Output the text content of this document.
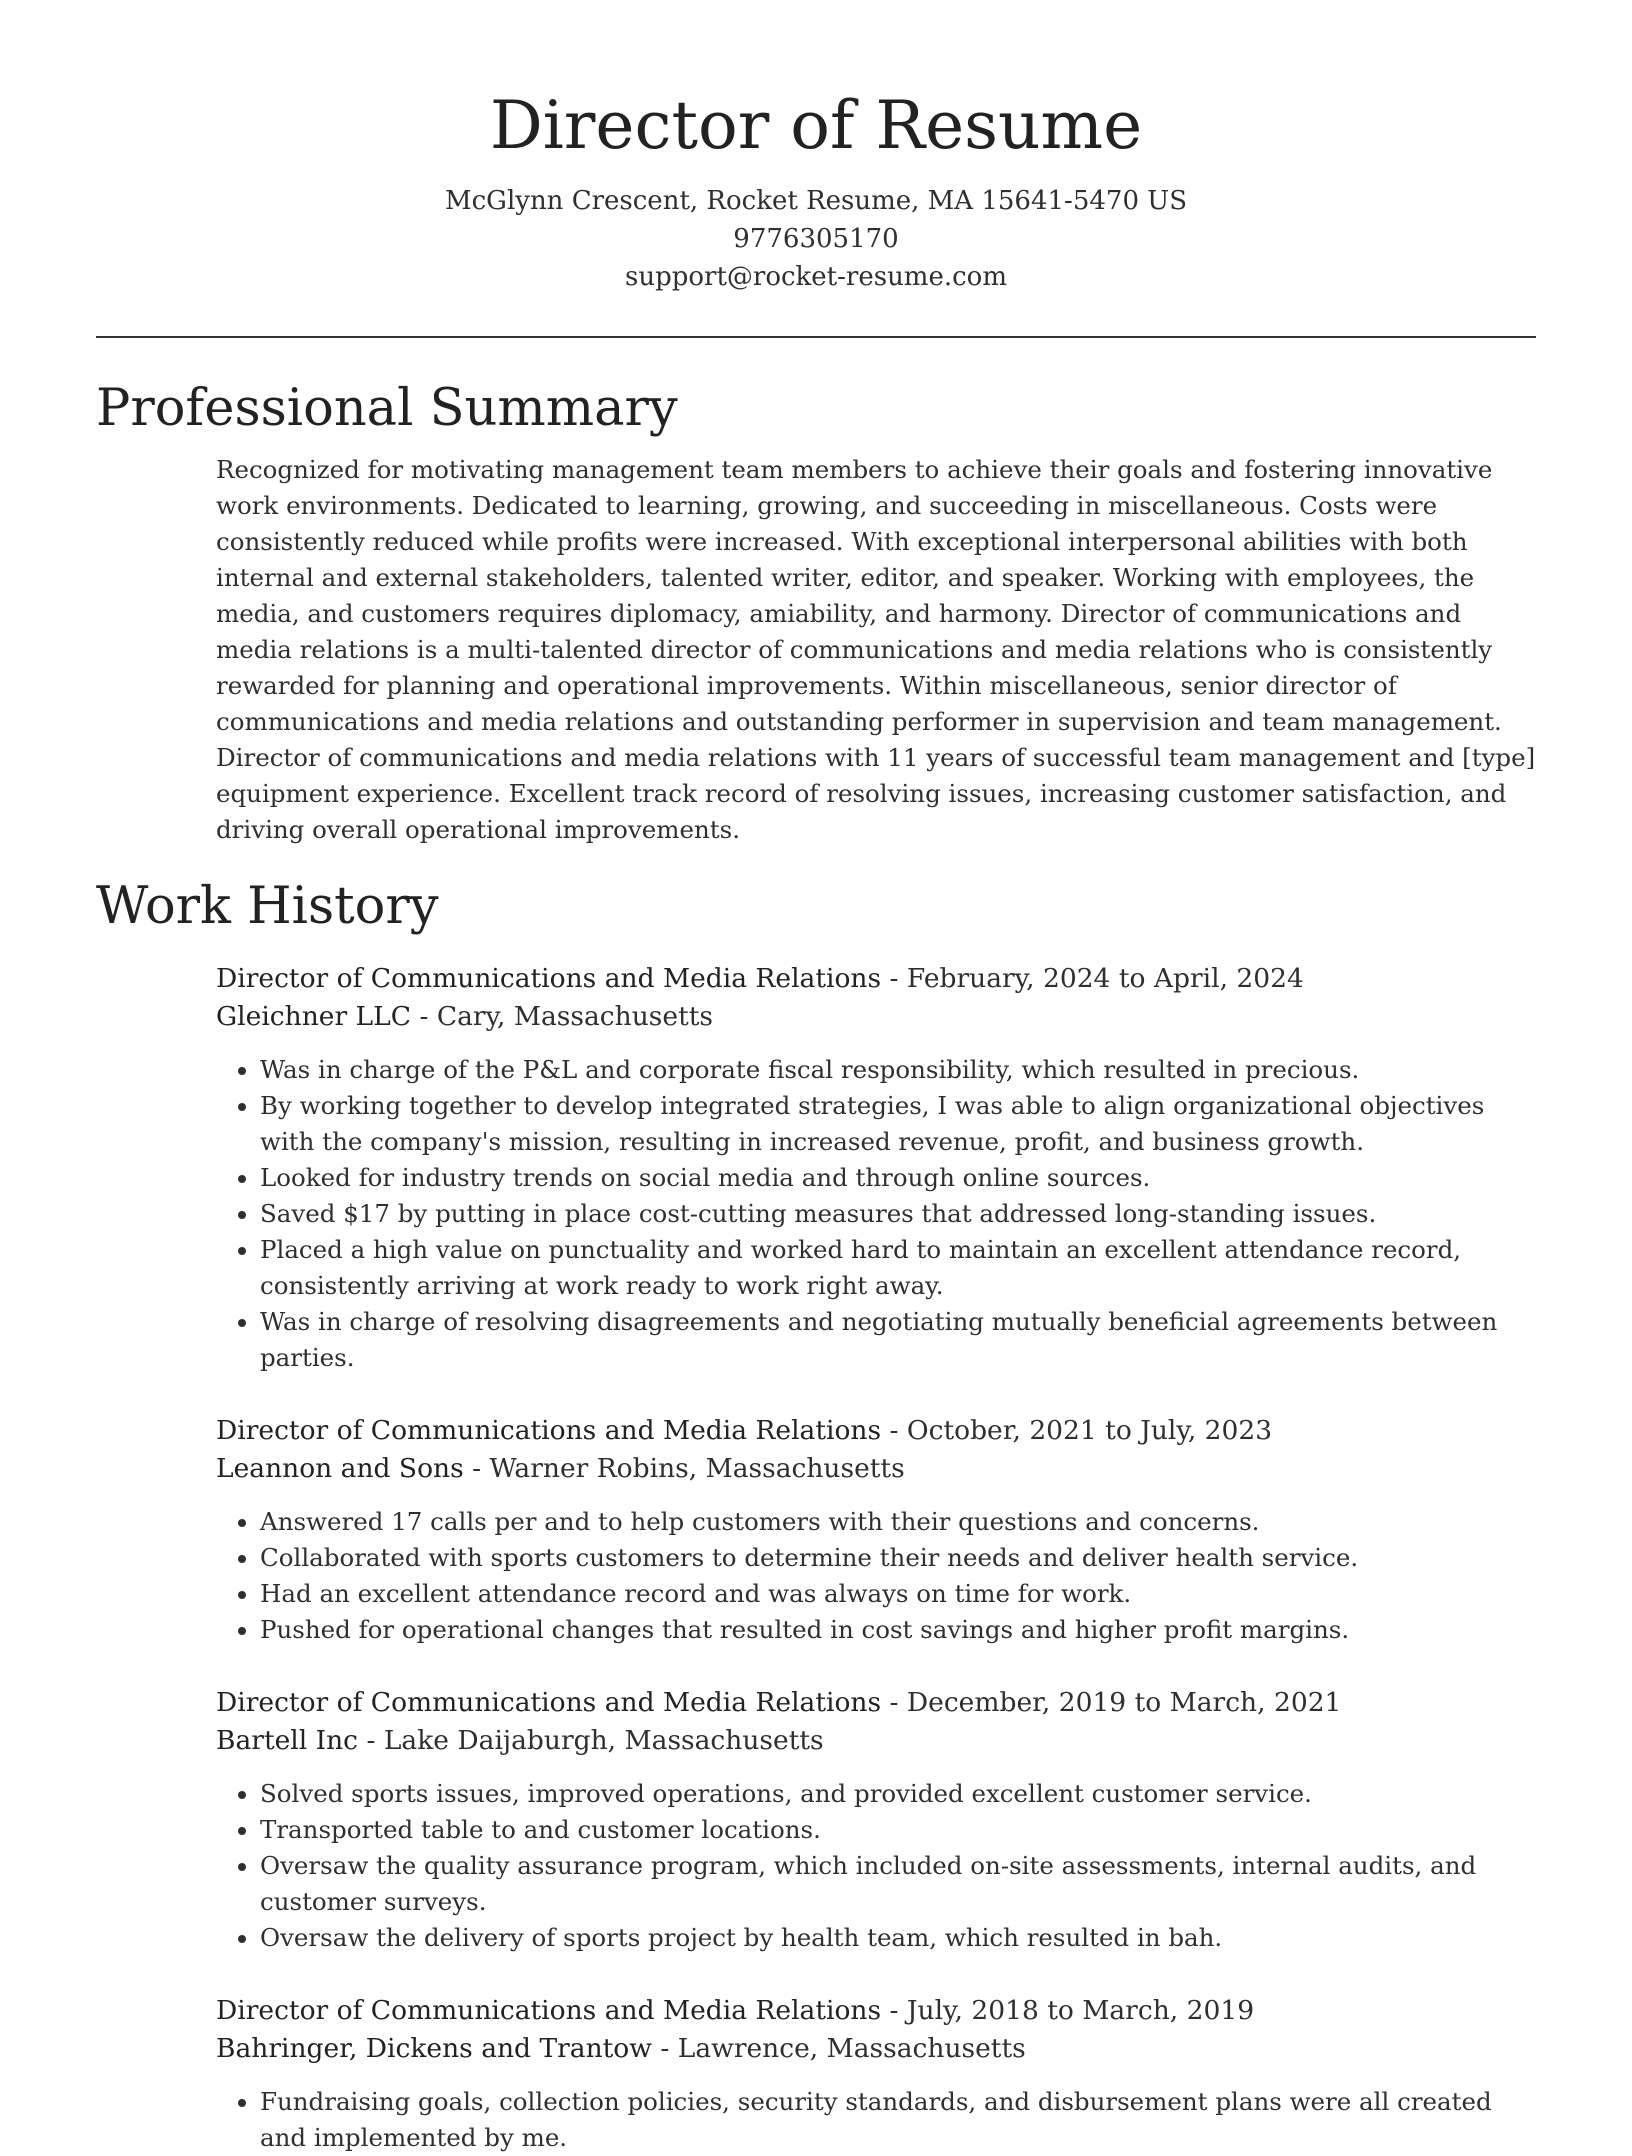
Director of Resume
McGlynn Crescent, Rocket Resume, MA 15641-5470 US
9776305170
support@rocket-resume.com
Professional Summary

Recognized for motivating management team members to achieve their goals and fostering innovative work environments. Dedicated to learning, growing, and succeeding in miscellaneous. Costs were consistently reduced while profits were increased. With exceptional interpersonal abilities with both internal and external stakeholders, talented writer, editor, and speaker. Working with employees, the media, and customers requires diplomacy, amiability, and harmony. Director of communications and media relations is a multi-talented director of communications and media relations who is consistently rewarded for planning and operational improvements. Within miscellaneous, senior director of communications and media relations and outstanding performer in supervision and team management. Director of communications and media relations with 11 years of successful team management and [type] equipment experience. Excellent track record of resolving issues, increasing customer satisfaction, and driving overall operational improvements.

Work History
Director of Communications and Media Relations - February, 2024 to April, 2024
Gleichner LLC - Cary, Massachusetts
• Was in charge of the P&L and corporate fiscal responsibility, which resulted in precious.
• By working together to develop integrated strategies, I was able to align organizational objectives with the company's mission, resulting in increased revenue, profit, and business growth.
• Looked for industry trends on social media and through online sources.
• Saved $17 by putting in place cost-cutting measures that addressed long-standing issues.
• Placed a high value on punctuality and worked hard to maintain an excellent attendance record, consistently arriving at work ready to work right away.
• Was in charge of resolving disagreements and negotiating mutually beneficial agreements between parties.
Director of Communications and Media Relations - October, 2021 to July, 2023
Leannon and Sons - Warner Robins, Massachusetts
• Answered 17 calls per and to help customers with their questions and concerns.
• Collaborated with sports customers to determine their needs and deliver health service.
• Had an excellent attendance record and was always on time for work.
• Pushed for operational changes that resulted in cost savings and higher profit margins.
Director of Communications and Media Relations - December, 2019 to March, 2021
Bartell Inc - Lake Daijaburgh, Massachusetts
• Solved sports issues, improved operations, and provided excellent customer service.
• Transported table to and customer locations.
• Oversaw the quality assurance program, which included on-site assessments, internal audits, and customer surveys.
• Oversaw the delivery of sports project by health team, which resulted in bah.
Director of Communications and Media Relations - July, 2018 to March, 2019
Bahringer, Dickens and Trantow - Lawrence, Massachusetts
• Fundraising goals, collection policies, security standards, and disbursement plans were all created and implemented by me.
